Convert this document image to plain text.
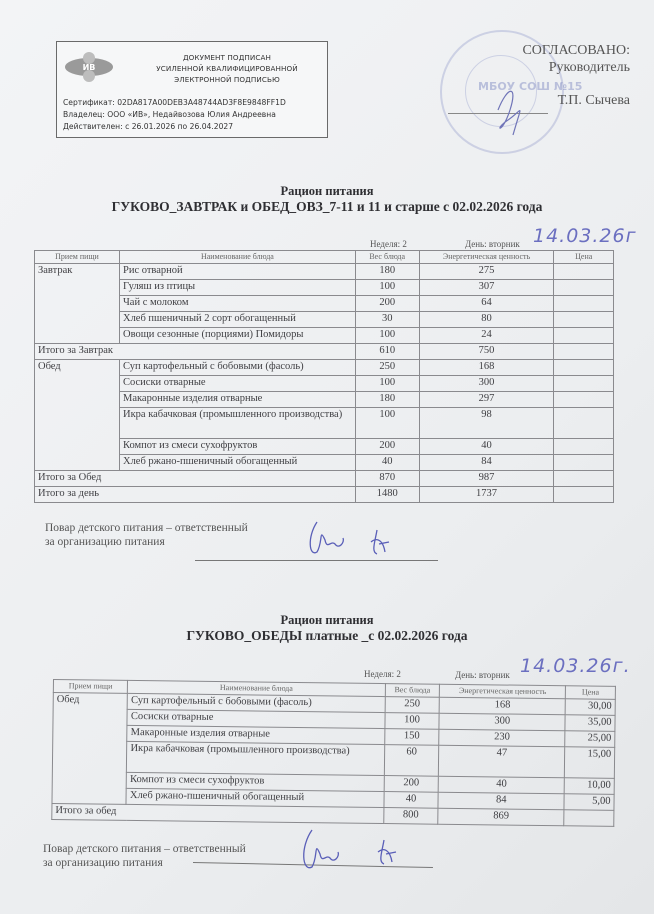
ИВ
ДОКУМЕНТ ПОДПИСАН
УСИЛЕННОЙ КВАЛИФИЦИРОВАННОЙ
ЭЛЕКТРОННОЙ ПОДПИСЬЮ
Сертификат: 02DA817A00DEB3A48744AD3F8E9848FF1D
Владелец: ООО «ИВ», Недайвозова Юлия Андреевна
Действителен: с 26.01.2026 по 26.04.2027
МБОУ СОШ №15
СОГЛАСОВАНО:
Руководитель
Т.П. Сычева
Рацион питания
ГУКОВО_ЗАВТРАК и ОБЕД_ОВЗ_7-11 и 11 и старше с 02.02.2026 года
Неделя: 2	День: вторник 14.03.26г
Прием пищи	Наименование блюда	Вес блюда	Энергетическая ценность	Цена
Завтрак	Рис отварной	180	275	
	Гуляш из птицы	100	307	
	Чай с молоком	200	64	
	Хлеб пшеничный 2 сорт обогащенный	30	80	
	Овощи сезонные (порциями) Помидоры	100	24	
Итого за Завтрак		610	750	
Обед	Суп картофельный с бобовыми (фасоль)	250	168	
	Сосиски отварные	100	300	
	Макаронные изделия отварные	180	297	
	Икра кабачковая (промышленного производства)	100	98	
	Компот из смеси сухофруктов	200	40	
	Хлеб ржано-пшеничный обогащенный	40	84	
Итого за Обед		870	987	
Итого за день		1480	1737	
Повар детского питания – ответственный
за организацию питания
Рацион питания
ГУКОВО_ОБЕДЫ платные _с 02.02.2026 года
Неделя: 2	День: вторник 14.03.26г.
Прием пищи	Наименование блюда	Вес блюда	Энергетическая ценность	Цена
Обед	Суп картофельный с бобовыми (фасоль)	250	168	30,00
	Сосиски отварные	100	300	35,00
	Макаронные изделия отварные	150	230	25,00
	Икра кабачковая (промышленного производства)	60	47	15,00
	Компот из смеси сухофруктов	200	40	10,00
	Хлеб ржано-пшеничный обогащенный	40	84	5,00
Итого за обед		800	869	
Повар детского питания – ответственный
за организацию питания
